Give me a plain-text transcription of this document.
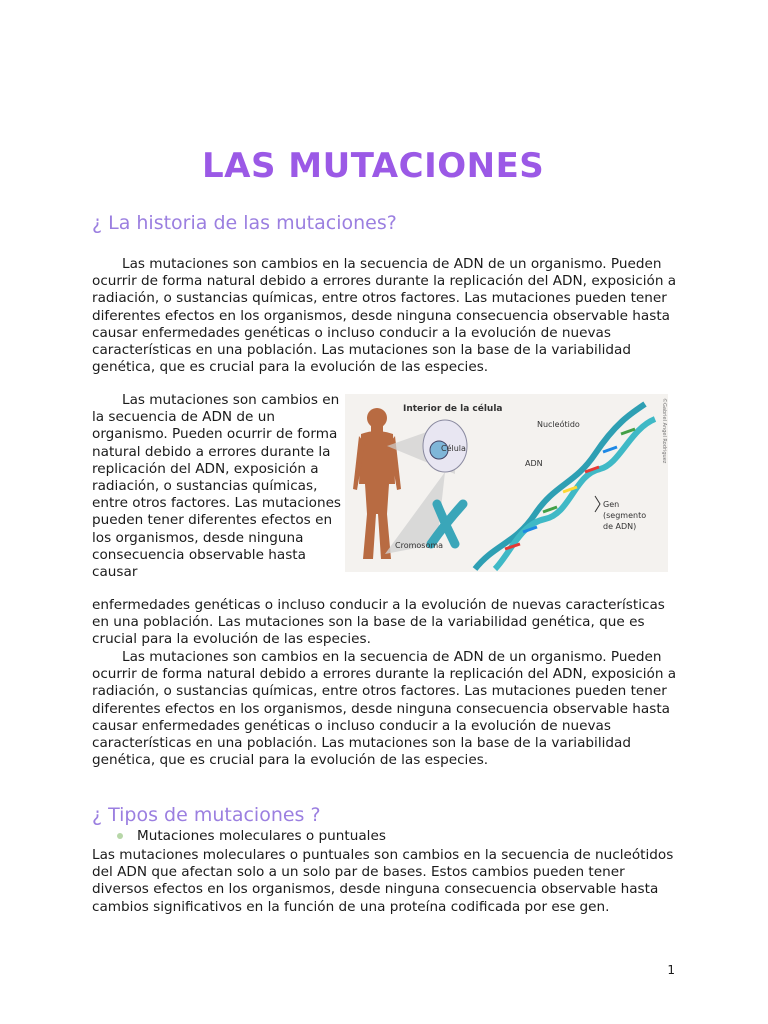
LAS MUTACIONES
¿ La historia de las mutaciones?

Las mutaciones son cambios en la secuencia de ADN de un organismo. Pueden ocurrir de forma natural debido a errores durante la replicación del ADN, exposición a radiación, o sustancias químicas, entre otros factores. Las mutaciones pueden tener diferentes efectos en los organismos, desde ninguna consecuencia observable hasta causar enfermedades genéticas o incluso conducir a la evolución de nuevas características en una población. Las mutaciones son la base de la variabilidad genética, que es crucial para la evolución de las especies.

Las mutaciones son cambios en la secuencia de ADN de un organismo. Pueden ocurrir de forma natural debido a errores durante la replicación del ADN, exposición a radiación, o sustancias químicas, entre otros factores. Las mutaciones pueden tener diferentes efectos en los organismos, desde ninguna consecuencia observable hasta causar

Interior de la célula
Célula
Nucleótido
ADN
Gen
(segmento
de ADN)
Cromosoma
©Gabriel Angel Rodriguez

enfermedades genéticas o incluso conducir a la evolución de nuevas características en una población. Las mutaciones son la base de la variabilidad genética, que es crucial para la evolución de las especies.

Las mutaciones son cambios en la secuencia de ADN de un organismo. Pueden ocurrir de forma natural debido a errores durante la replicación del ADN, exposición a radiación, o sustancias químicas, entre otros factores. Las mutaciones pueden tener diferentes efectos en los organismos, desde ninguna consecuencia observable hasta causar enfermedades genéticas o incluso conducir a la evolución de nuevas características en una población. Las mutaciones son la base de la variabilidad genética, que es crucial para la evolución de las especies.

¿ Tipos de mutaciones ?
Mutaciones moleculares o puntuales

Las mutaciones moleculares o puntuales son cambios en la secuencia de nucleótidos del ADN que afectan solo a un solo par de bases. Estos cambios pueden tener diversos efectos en los organismos, desde ninguna consecuencia observable hasta cambios significativos en la función de una proteína codificada por ese gen.

1
